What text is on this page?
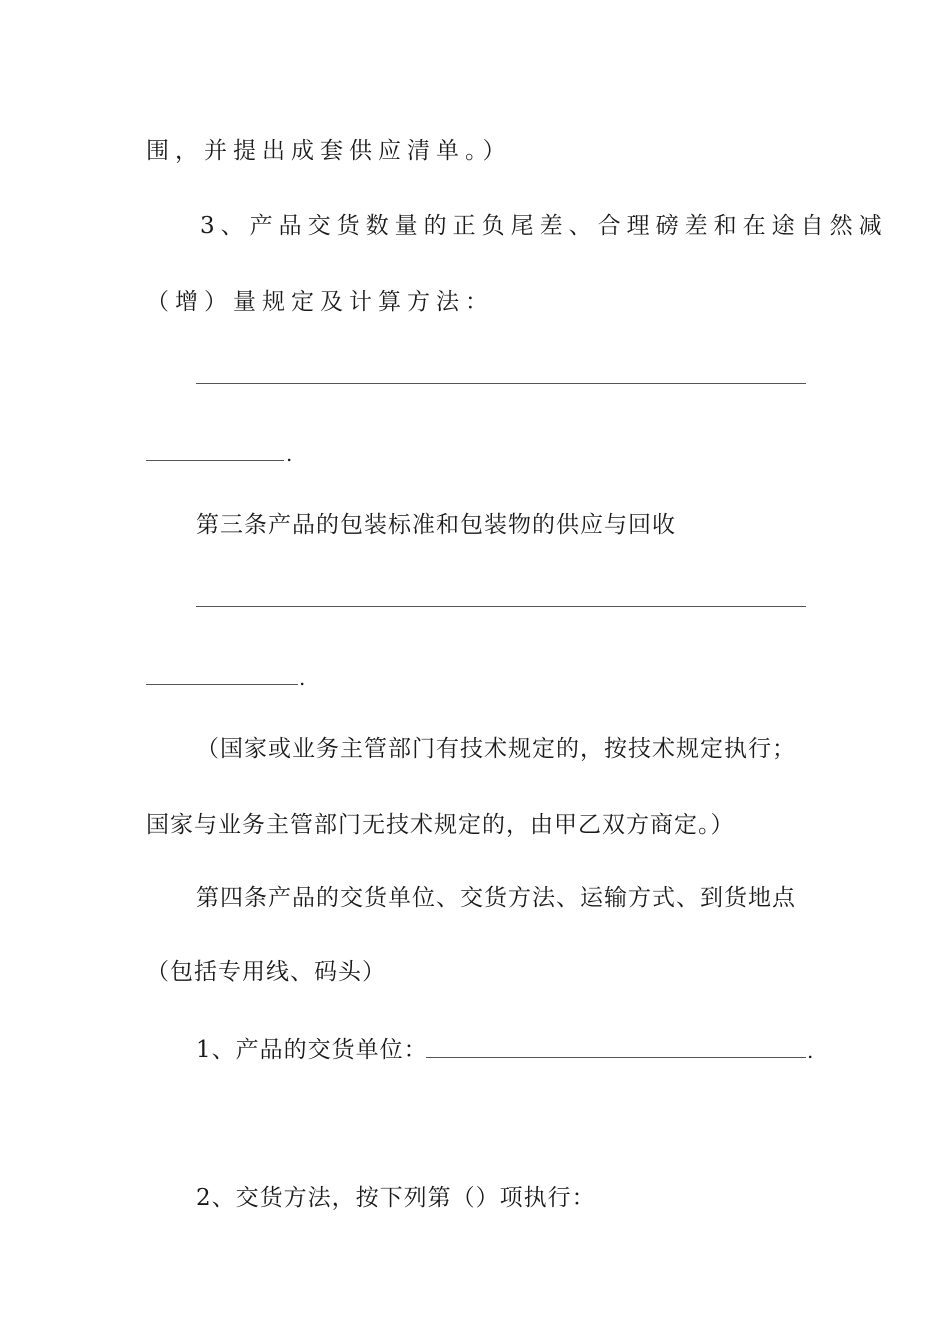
围，并提出成套供应清单。）
3、产品交货数量的正负尾差、合理磅差和在途自然减
（增）量规定及计算方法：
.
第三条产品的包装标准和包装物的供应与回收
.
（国家或业务主管部门有技术规定的，按技术规定执行；
国家与业务主管部门无技术规定的，由甲乙双方商定。）
第四条产品的交货单位、交货方法、运输方式、到货地点
（包括专用线、码头）
1、产品的交货单位：	.
2、交货方法，按下列第（）项执行：
